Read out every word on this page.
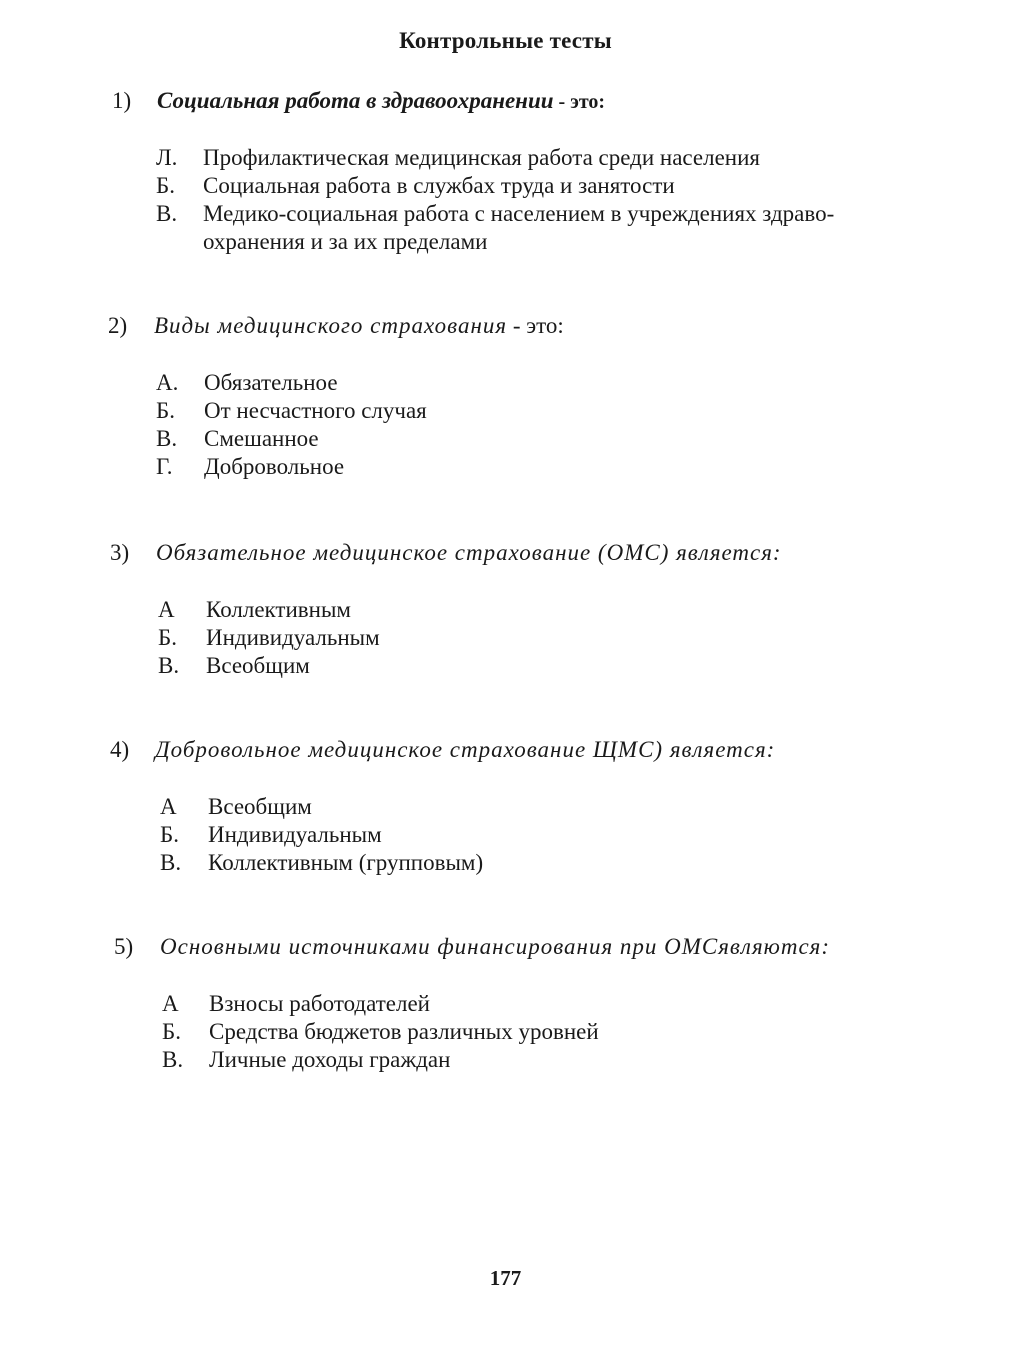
Контрольные тесты
1) Социальная работа в здравоохранении - это:
Л. Профилактическая медицинская работа среди населения
Б. Социальная работа в службах труда и занятости
В. Медико-социальная работа с населением в учреждениях здраво-охранения и за их пределами
2) Виды медицинского страхования - это:
А. Обязательное
Б. От несчастного случая
В. Смешанное
Г. Добровольное
3) Обязательное медицинское страхование (ОМС) является:
А Коллективным
Б. Индивидуальным
В. Всеобщим
4) Добровольное медицинское страхование ЩМС) является:
А Всеобщим
Б. Индивидуальным
В. Коллективным (групповым)
5) Основными источниками финансирования при ОМСявляются:
А Взносы работодателей
Б. Средства бюджетов различных уровней
В. Личные доходы граждан
177
